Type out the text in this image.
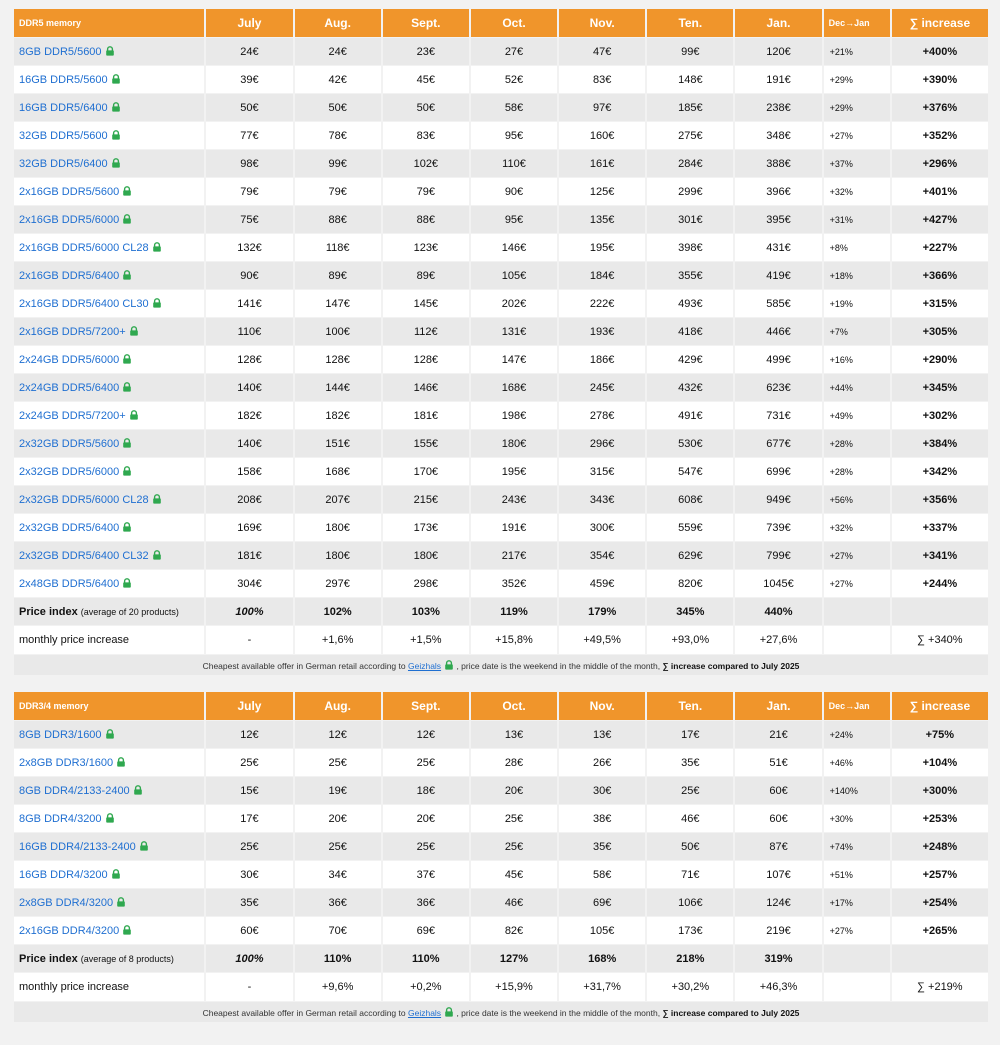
DDR5 memory	July	Aug.	Sept.	Oct.	Nov.	Ten.	Jan.	Dec→Jan	∑ increase
8GB DDR5/5600	24€	24€	23€	27€	47€	99€	120€	+21%	+400%
16GB DDR5/5600	39€	42€	45€	52€	83€	148€	191€	+29%	+390%
16GB DDR5/6400	50€	50€	50€	58€	97€	185€	238€	+29%	+376%
32GB DDR5/5600	77€	78€	83€	95€	160€	275€	348€	+27%	+352%
32GB DDR5/6400	98€	99€	102€	110€	161€	284€	388€	+37%	+296%
2x16GB DDR5/5600	79€	79€	79€	90€	125€	299€	396€	+32%	+401%
2x16GB DDR5/6000	75€	88€	88€	95€	135€	301€	395€	+31%	+427%
2x16GB DDR5/6000 CL28	132€	118€	123€	146€	195€	398€	431€	+8%	+227%
2x16GB DDR5/6400	90€	89€	89€	105€	184€	355€	419€	+18%	+366%
2x16GB DDR5/6400 CL30	141€	147€	145€	202€	222€	493€	585€	+19%	+315%
2x16GB DDR5/7200+	110€	100€	112€	131€	193€	418€	446€	+7%	+305%
2x24GB DDR5/6000	128€	128€	128€	147€	186€	429€	499€	+16%	+290%
2x24GB DDR5/6400	140€	144€	146€	168€	245€	432€	623€	+44%	+345%
2x24GB DDR5/7200+	182€	182€	181€	198€	278€	491€	731€	+49%	+302%
2x32GB DDR5/5600	140€	151€	155€	180€	296€	530€	677€	+28%	+384%
2x32GB DDR5/6000	158€	168€	170€	195€	315€	547€	699€	+28%	+342%
2x32GB DDR5/6000 CL28	208€	207€	215€	243€	343€	608€	949€	+56%	+356%
2x32GB DDR5/6400	169€	180€	173€	191€	300€	559€	739€	+32%	+337%
2x32GB DDR5/6400 CL32	181€	180€	180€	217€	354€	629€	799€	+27%	+341%
2x48GB DDR5/6400	304€	297€	298€	352€	459€	820€	1045€	+27%	+244%
Price index (average of 20 products)	100%	102%	103%	119%	179%	345%	440%		
monthly price increase	-	+1,6%	+1,5%	+15,8%	+49,5%	+93,0%	+27,6%		∑ +340%
Cheapest available offer in German retail according to Geizhals , price date is the weekend in the middle of the month, ∑ increase compared to July 2025									
DDR3/4 memory	July	Aug.	Sept.	Oct.	Nov.	Ten.	Jan.	Dec→Jan	∑ increase
8GB DDR3/1600	12€	12€	12€	13€	13€	17€	21€	+24%	+75%
2x8GB DDR3/1600	25€	25€	25€	28€	26€	35€	51€	+46%	+104%
8GB DDR4/2133-2400	15€	19€	18€	20€	30€	25€	60€	+140%	+300%
8GB DDR4/3200	17€	20€	20€	25€	38€	46€	60€	+30%	+253%
16GB DDR4/2133-2400	25€	25€	25€	25€	35€	50€	87€	+74%	+248%
16GB DDR4/3200	30€	34€	37€	45€	58€	71€	107€	+51%	+257%
2x8GB DDR4/3200	35€	36€	36€	46€	69€	106€	124€	+17%	+254%
2x16GB DDR4/3200	60€	70€	69€	82€	105€	173€	219€	+27%	+265%
Price index (average of 8 products)	100%	110%	110%	127%	168%	218%	319%		
monthly price increase	-	+9,6%	+0,2%	+15,9%	+31,7%	+30,2%	+46,3%		∑ +219%
Cheapest available offer in German retail according to Geizhals , price date is the weekend in the middle of the month, ∑ increase compared to July 2025									
